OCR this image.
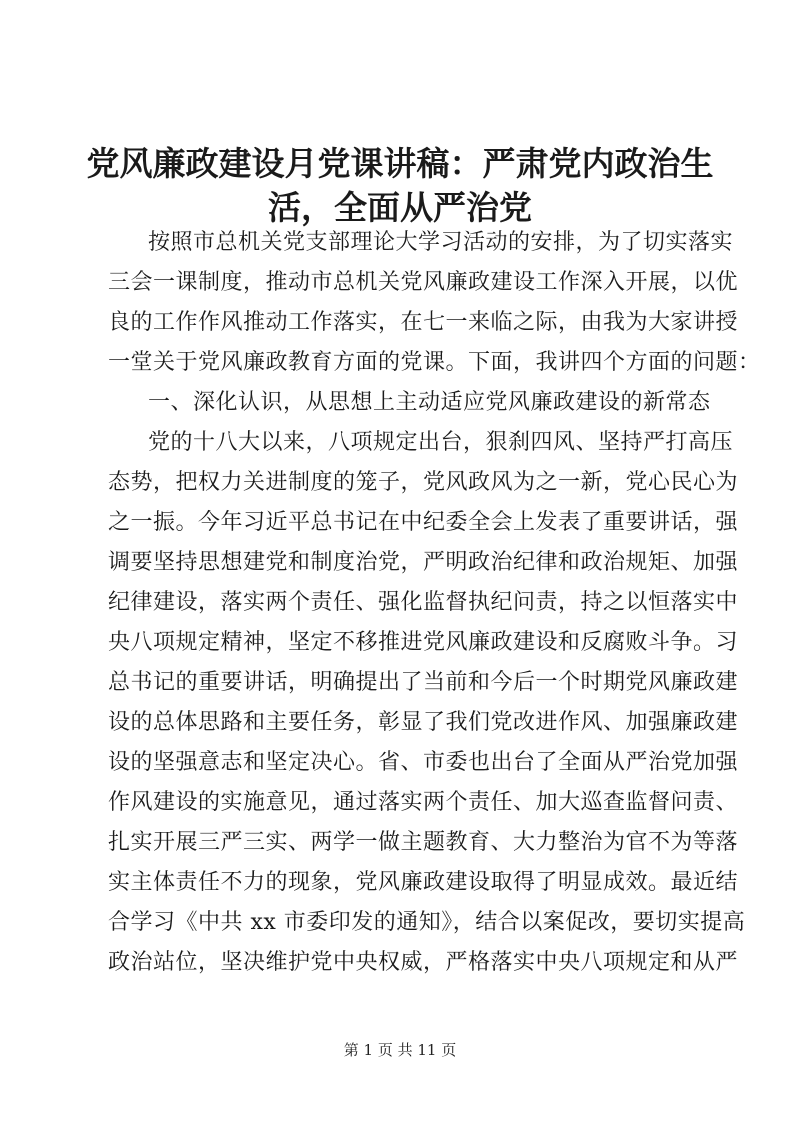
党风廉政建设月党课讲稿：严肃党内政治生
活，全面从严治党
按照市总机关党支部理论大学习活动的安排，为了切实落实
三会一课制度，推动市总机关党风廉政建设工作深入开展，以优
良的工作作风推动工作落实，在七一来临之际，由我为大家讲授
一堂关于党风廉政教育方面的党课。下面，我讲四个方面的问题：
一、深化认识，从思想上主动适应党风廉政建设的新常态
党的十八大以来，八项规定出台，狠刹四风、坚持严打高压
态势，把权力关进制度的笼子，党风政风为之一新，党心民心为
之一振。今年习近平总书记在中纪委全会上发表了重要讲话，强
调要坚持思想建党和制度治党，严明政治纪律和政治规矩、加强
纪律建设，落实两个责任、强化监督执纪问责，持之以恒落实中
央八项规定精神，坚定不移推进党风廉政建设和反腐败斗争。习
总书记的重要讲话，明确提出了当前和今后一个时期党风廉政建
设的总体思路和主要任务，彰显了我们党改进作风、加强廉政建
设的坚强意志和坚定决心。省、市委也出台了全面从严治党加强
作风建设的实施意见，通过落实两个责任、加大巡查监督问责、
扎实开展三严三实、两学一做主题教育、大力整治为官不为等落
实主体责任不力的现象，党风廉政建设取得了明显成效。最近结
合学习《中共 xx 市委印发的通知》，结合以案促改，要切实提高
政治站位，坚决维护党中央权威，严格落实中央八项规定和从严
第 1 页 共 11 页
